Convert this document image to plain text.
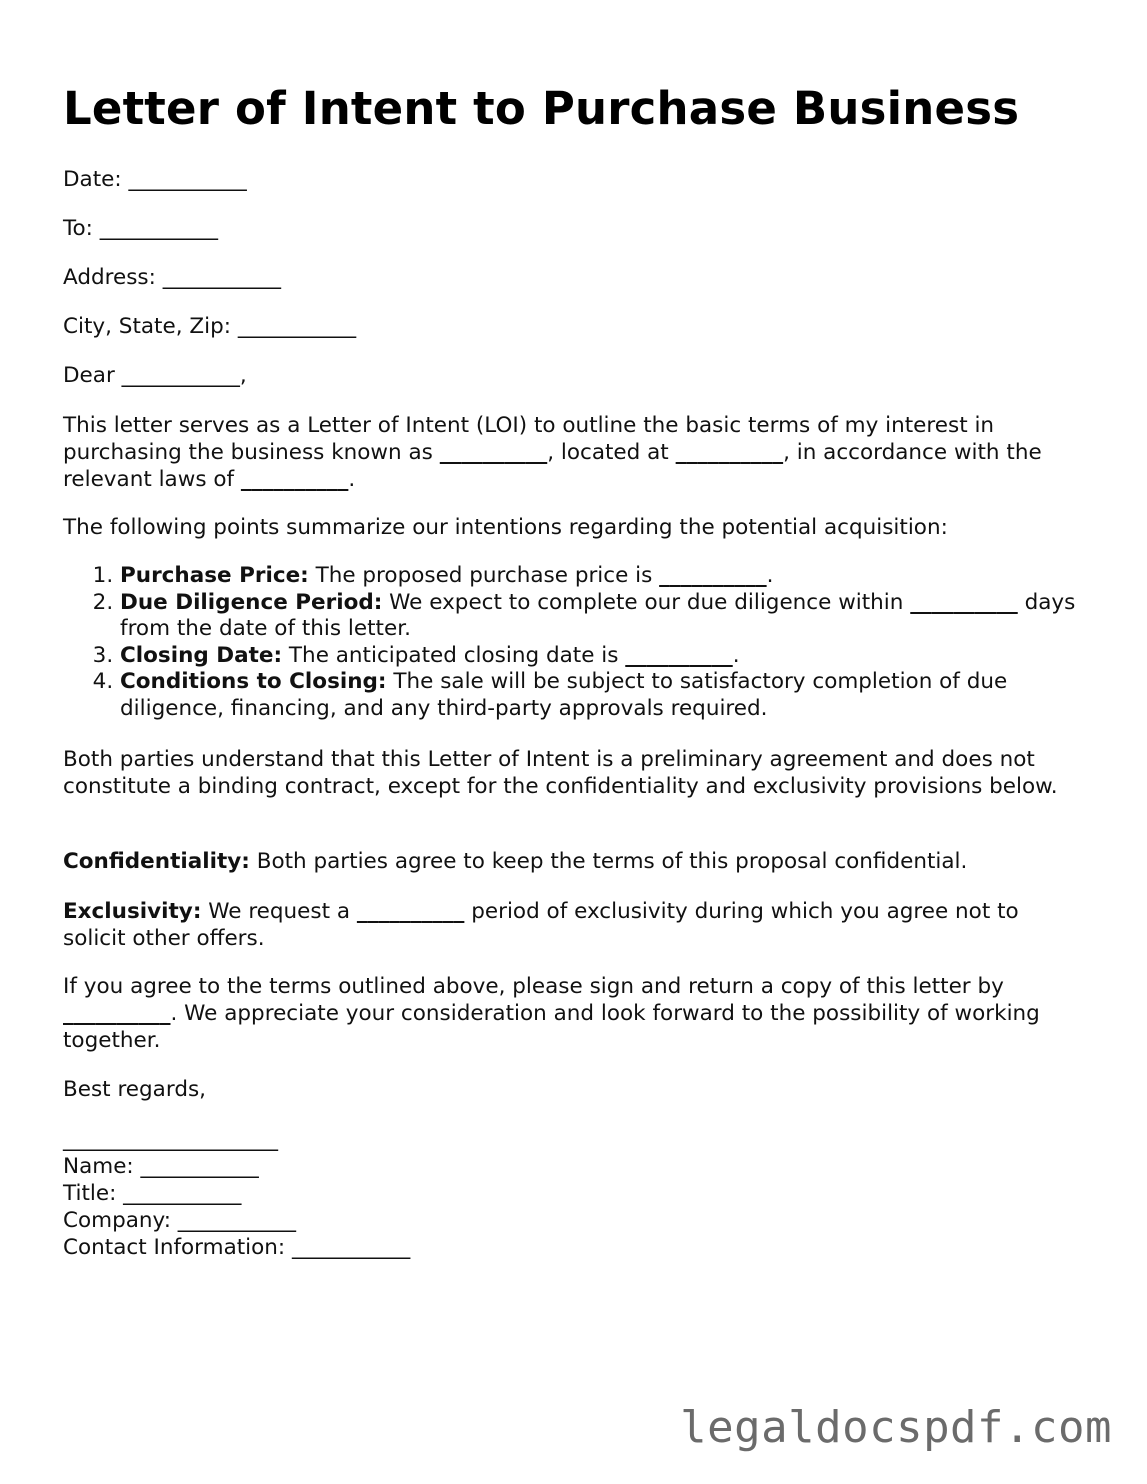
Letter of Intent to Purchase Business
Date: ___________
To: ___________
Address: ___________
City, State, Zip: ___________
Dear ___________,
This letter serves as a Letter of Intent (LOI) to outline the basic terms of my interest in purchasing the business known as __________, located at __________, in accordance with the relevant laws of __________.
The following points summarize our intentions regarding the potential acquisition:
1. Purchase Price: The proposed purchase price is __________.
2. Due Diligence Period: We expect to complete our due diligence within __________ days from the date of this letter.
3. Closing Date: The anticipated closing date is __________.
4. Conditions to Closing: The sale will be subject to satisfactory completion of due diligence, financing, and any third-party approvals required.
Both parties understand that this Letter of Intent is a preliminary agreement and does not constitute a binding contract, except for the confidentiality and exclusivity provisions below.
Confidentiality: Both parties agree to keep the terms of this proposal confidential.
Exclusivity: We request a __________ period of exclusivity during which you agree not to solicit other offers.
If you agree to the terms outlined above, please sign and return a copy of this letter by __________. We appreciate your consideration and look forward to the possibility of working together.
Best regards,
____________________
Name: ___________
Title: ___________
Company: ___________
Contact Information: ___________
legaldocspdf.com
